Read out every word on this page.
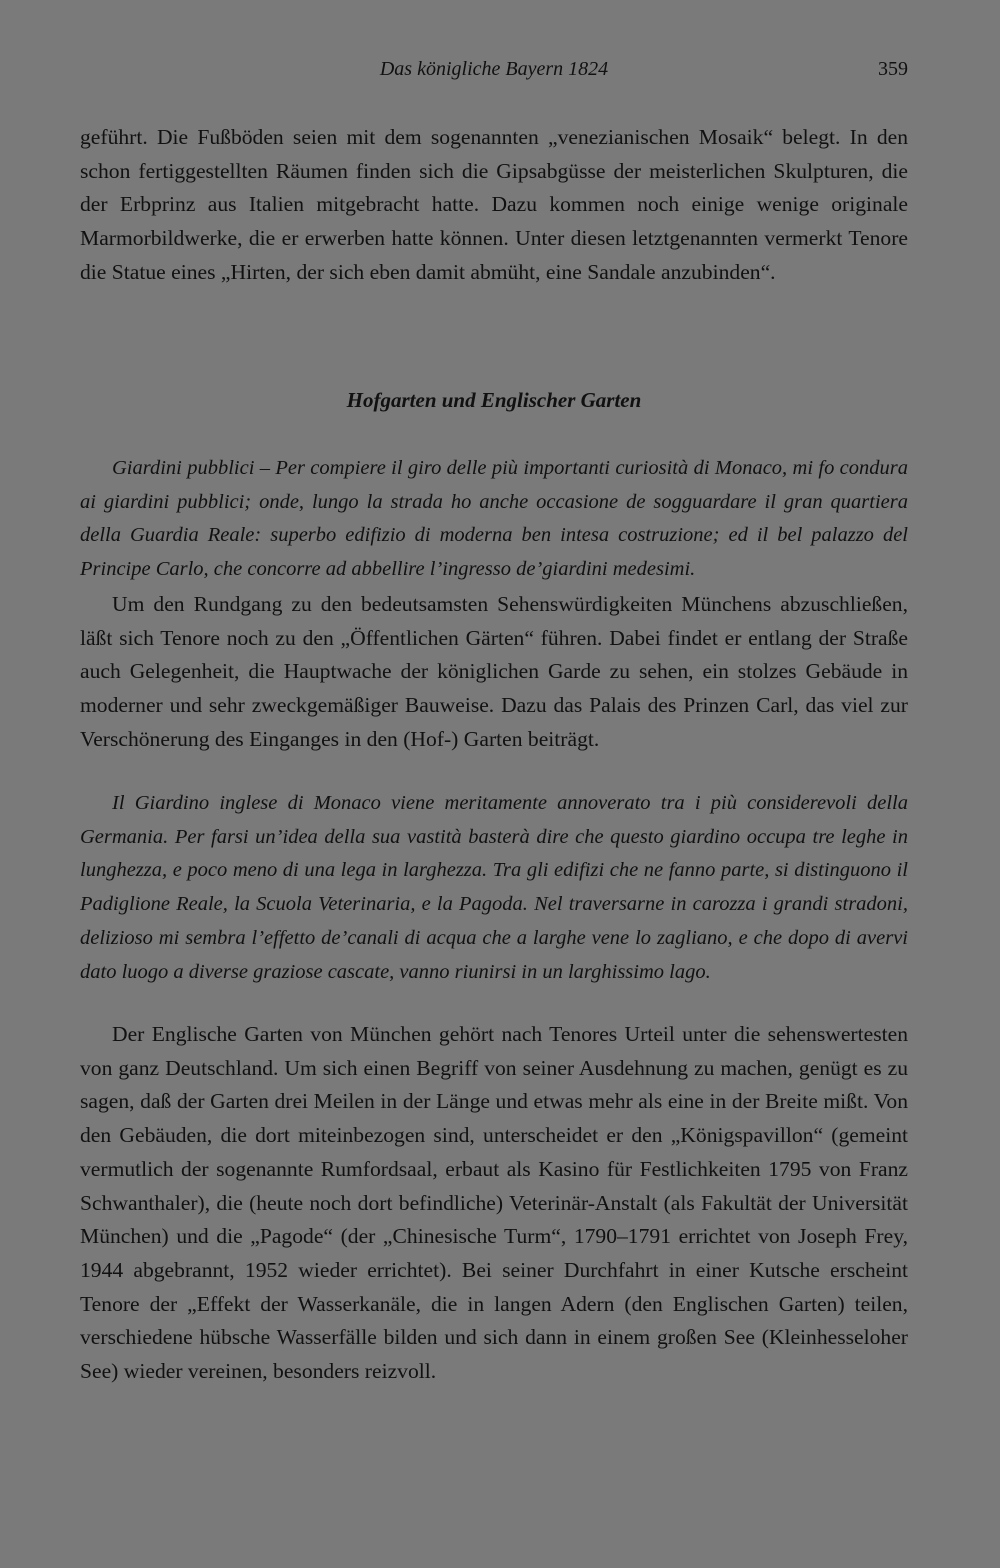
Das königliche Bayern 1824	359

geführt. Die Fußböden seien mit dem sogenannten „venezianischen Mosaik“ belegt. In den schon fertiggestellten Räumen finden sich die Gipsabgüsse der meisterlichen Skulpturen, die der Erbprinz aus Italien mitgebracht hatte. Dazu kommen noch einige wenige originale Marmorbildwerke, die er erwerben hatte können. Unter diesen letztgenannten vermerkt Tenore die Statue eines „Hirten, der sich eben damit abmüht, eine Sandale anzubinden“.

Hofgarten und Englischer Garten

Giardini pubblici – Per compiere il giro delle più importanti curiosità di Monaco, mi fo condura ai giardini pubblici; onde, lungo la strada ho anche occasione de sogguardare il gran quartiera della Guardia Reale: superbo edifizio di moderna ben intesa costruzione; ed il bel palazzo del Principe Carlo, che concorre ad abbellire l’ingresso de’giardini medesimi.

Um den Rundgang zu den bedeutsamsten Sehenswürdigkeiten Münchens abzuschließen, läßt sich Tenore noch zu den „Öffentlichen Gärten“ führen. Dabei findet er entlang der Straße auch Gelegenheit, die Hauptwache der königlichen Garde zu sehen, ein stolzes Gebäude in moderner und sehr zweckgemäßiger Bauweise. Dazu das Palais des Prinzen Carl, das viel zur Verschönerung des Einganges in den (Hof-) Garten beiträgt.

Il Giardino inglese di Monaco viene meritamente annoverato tra i più considerevoli della Germania. Per farsi un’idea della sua vastità basterà dire che questo giardino occupa tre leghe in lunghezza, e poco meno di una lega in larghezza. Tra gli edifizi che ne fanno parte, si distinguono il Padiglione Reale, la Scuola Veterinaria, e la Pagoda. Nel traversarne in carozza i grandi stradoni, delizioso mi sembra l’effetto de’canali di acqua che a larghe vene lo zagliano, e che dopo di avervi dato luogo a diverse graziose cascate, vanno riunirsi in un larghissimo lago.

Der Englische Garten von München gehört nach Tenores Urteil unter die sehenswertesten von ganz Deutschland. Um sich einen Begriff von seiner Ausdehnung zu machen, genügt es zu sagen, daß der Garten drei Meilen in der Länge und etwas mehr als eine in der Breite mißt. Von den Gebäuden, die dort miteinbezogen sind, unterscheidet er den „Königspavillon“ (gemeint vermutlich der sogenannte Rumfordsaal, erbaut als Kasino für Festlichkeiten 1795 von Franz Schwanthaler), die (heute noch dort befindliche) Veterinär-Anstalt (als Fakultät der Universität München) und die „Pagode“ (der „Chinesische Turm“, 1790–1791 errichtet von Joseph Frey, 1944 abgebrannt, 1952 wieder errichtet). Bei seiner Durchfahrt in einer Kutsche erscheint Tenore der „Effekt der Wasserkanäle, die in langen Adern (den Englischen Garten) teilen, verschiedene hübsche Wasserfälle bilden und sich dann in einem großen See (Kleinhesseloher See) wieder vereinen, besonders reizvoll.
